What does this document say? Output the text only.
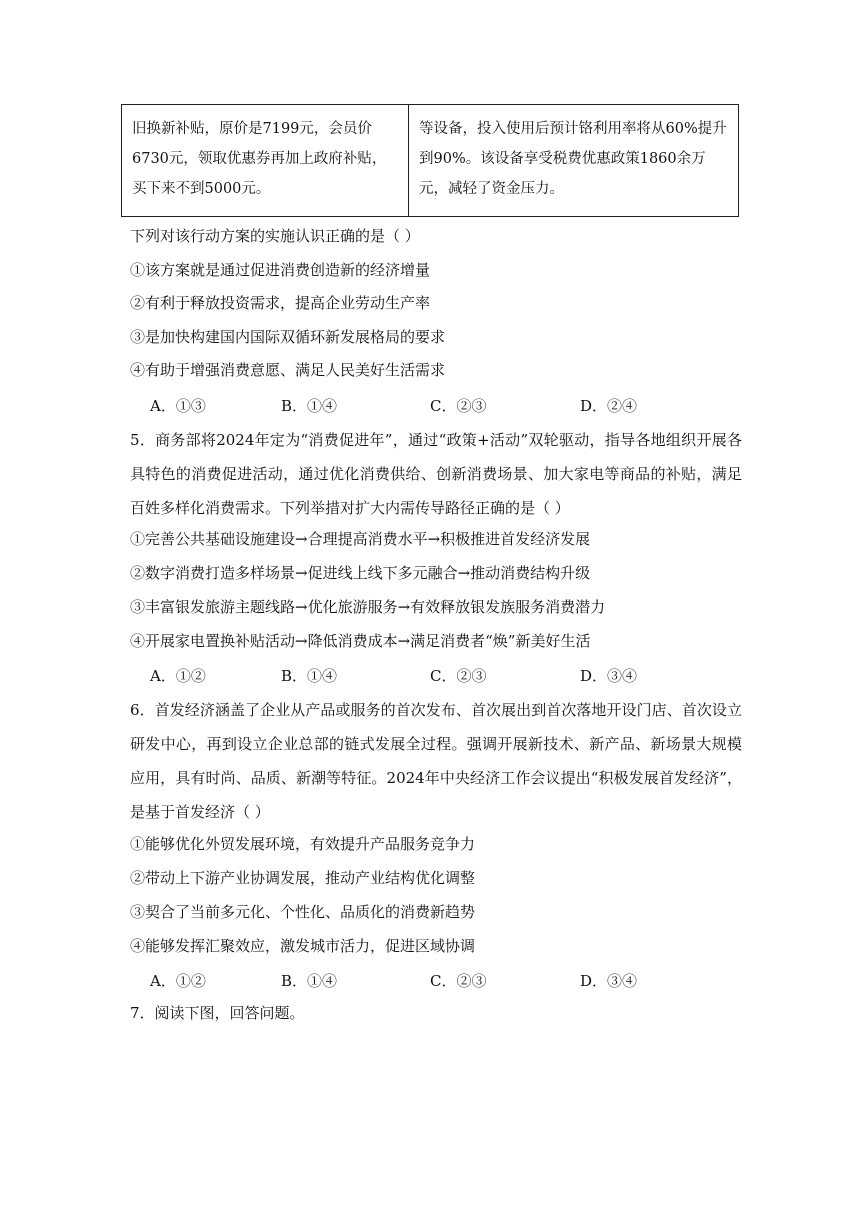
旧换新补贴，原价是7199元，会员价6730元，领取优惠券再加上政府补贴，买下来不到5000元。	等设备，投入使用后预计铬利用率将从60%提升到90%。该设备享受税费优惠政策1860余万元，减轻了资金压力。
下列对该行动方案的实施认识正确的是（ ）
①该方案就是通过促进消费创造新的经济增量
②有利于释放投资需求，提高企业劳动生产率
③是加快构建国内国际双循环新发展格局的要求
④有助于增强消费意愿、满足人民美好生活需求
A．①③	B．①④	C．②③	D．②④
5．商务部将2024年定为“消费促进年”，通过“政策+活动”双轮驱动，指导各地组织开展各具特色的消费促进活动，通过优化消费供给、创新消费场景、加大家电等商品的补贴，满足百姓多样化消费需求。下列举措对扩大内需传导路径正确的是（ ）
①完善公共基础设施建设→合理提高消费水平→积极推进首发经济发展
②数字消费打造多样场景→促进线上线下多元融合→推动消费结构升级
③丰富银发旅游主题线路→优化旅游服务→有效释放银发族服务消费潜力
④开展家电置换补贴活动→降低消费成本→满足消费者“焕”新美好生活
A．①②	B．①④	C．②③	D．③④
6．首发经济涵盖了企业从产品或服务的首次发布、首次展出到首次落地开设门店、首次设立研发中心，再到设立企业总部的链式发展全过程。强调开展新技术、新产品、新场景大规模应用，具有时尚、品质、新潮等特征。2024年中央经济工作会议提出“积极发展首发经济”，是基于首发经济（ ）
①能够优化外贸发展环境，有效提升产品服务竞争力
②带动上下游产业协调发展，推动产业结构优化调整
③契合了当前多元化、个性化、品质化的消费新趋势
④能够发挥汇聚效应，激发城市活力，促进区域协调
A．①②	B．①④	C．②③	D．③④
7．阅读下图，回答问题。
